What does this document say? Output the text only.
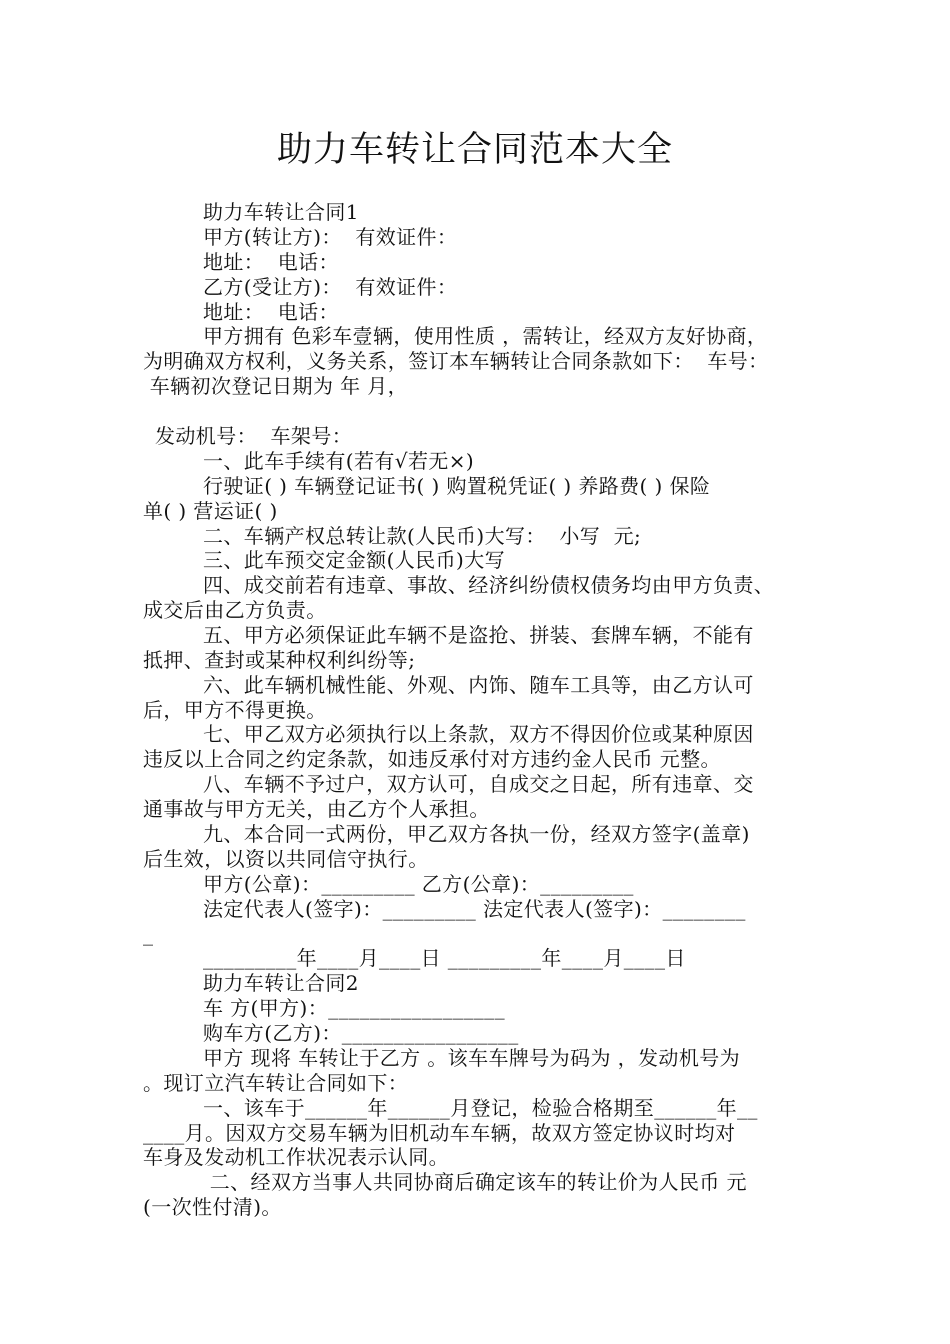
助力车转让合同范本大全
助力车转让合同1
甲方(转让方)：  有效证件：
地址：  电话：
乙方(受让方)：  有效证件：
地址：  电话：
甲方拥有 色彩车壹辆，使用性质 ，需转让，经双方友好协商，
为明确双方权利，义务关系，签订本车辆转让合同条款如下：  车号：
车辆初次登记日期为 年 月，
发动机号：  车架号：
一、此车手续有(若有√若无×)
行驶证( ) 车辆登记证书( ) 购置税凭证( ) 养路费( ) 保险
单( ) 营运证( )
二、车辆产权总转让款(人民币)大写：  小写  元;
三、此车预交定金额(人民币)大写
四、成交前若有违章、事故、经济纠纷债权债务均由甲方负责、
成交后由乙方负责。
五、甲方必须保证此车辆不是盗抢、拼装、套牌车辆，不能有
抵押、查封或某种权利纠纷等;
六、此车辆机械性能、外观、内饰、随车工具等，由乙方认可
后，甲方不得更换。
七、甲乙双方必须执行以上条款，双方不得因价位或某种原因
违反以上合同之约定条款，如违反承付对方违约金人民币 元整。
八、车辆不予过户，双方认可，自成交之日起，所有违章、交
通事故与甲方无关，由乙方个人承担。
九、本合同一式两份，甲乙双方各执一份，经双方签字(盖章)
后生效，以资以共同信守执行。
甲方(公章)：_________ 乙方(公章)：_________
法定代表人(签字)：_________ 法定代表人(签字)：________
_
_________年____月____日 _________年____月____日
助力车转让合同2
车 方(甲方)：_________________
购车方(乙方)：_________________
甲方 现将 车转让于乙方 。该车车牌号为码为 ，发动机号为
。现订立汽车转让合同如下：
一、该车于______年______月登记，检验合格期至______年__
____月。因双方交易车辆为旧机动车车辆，故双方签定协议时均对
车身及发动机工作状况表示认同。
二、经双方当事人共同协商后确定该车的转让价为人民币 元
(一次性付清)。
